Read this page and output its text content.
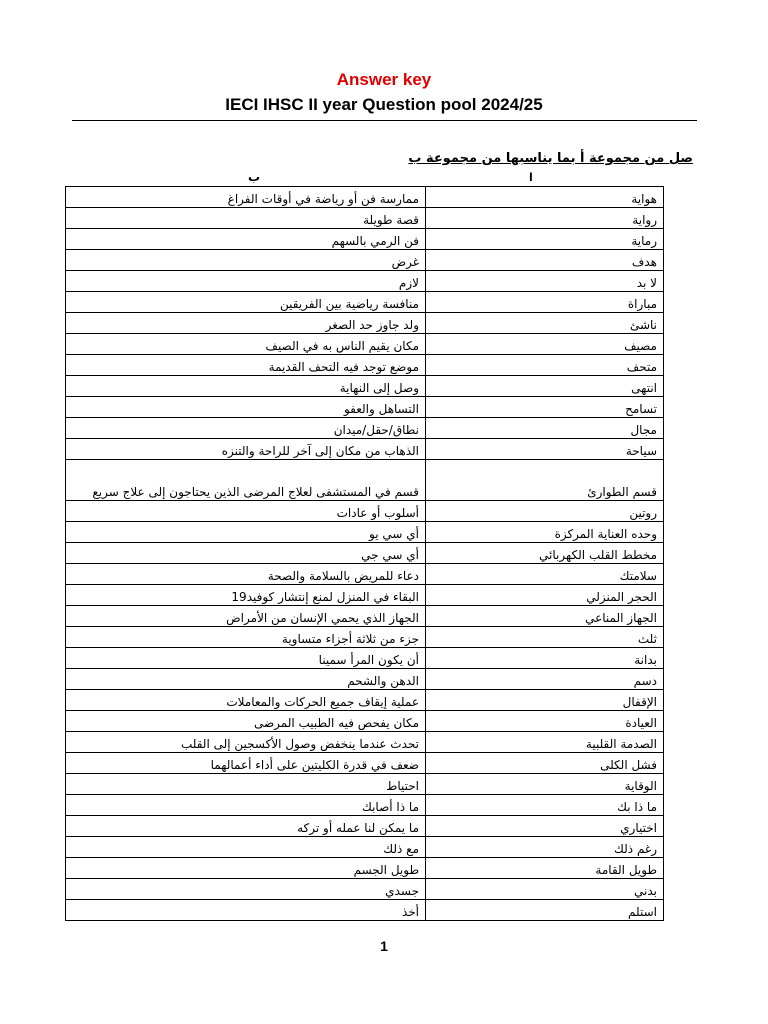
Answer key
IECI IHSC II year Question pool 2024/25
صل من مجموعة أ بما يناسبها من مجموعة ب
ب	ا
ممارسة فن أو رياضة في أوقات الفراغ	هواية
قصة طويلة	رواية
فن الرمي بالسهم	رماية
غرض	هدف
لازم	لا بد
منافسة رياضية بين الفريقين	مباراة
ولد جاوز حد الصغر	ناشئ
مكان يقيم الناس به في الصيف	مصيف
موضع توجد فيه التحف القديمة	متحف
وصل إلى النهاية	انتهى
التساهل والعفو	تسامح
نطاق/حقل/ميدان	مجال
الذهاب من مكان إلى آخر للراحة والتنزه	سياحة
قسم في المستشفى لعلاج المرضى الذين يحتاجون إلى علاج سريع	قسم الطوارئ
أسلوب أو عادات	روتين
أي سي يو	وحده العناية المركزة
أي سي جي	مخطط القلب الكهربائي
دعاء للمريض بالسلامة والصحة	سلامتك
البقاء في المنزل لمنع إنتشار كوفيد19	الحجر المنزلي
الجهاز الذي يحمي الإنسان من الأمراض	الجهاز المناعي
جزء من ثلاثة أجزاء متساوية	ثلث
أن يكون المرأ سمينا	بدانة
الدهن والشحم	دسم
عملية إيقاف جميع الحركات والمعاملات	الإقفال
مكان يفحص فيه الطبيب المرضى	العيادة
تحدث عندما ينخفض وصول الأكسجين إلى القلب	الصدمة القلبية
ضعف في قدرة الكليتين على أداء أعمالهما	فشل الكلى
احتياط	الوقاية
ما ذا أصابك	ما ذا بك
ما يمكن لنا عمله أو تركه	اختياري
مع ذلك	رغم ذلك
طويل الجسم	طويل القامة
جسدي	بدني
أخذ	استلم
1
